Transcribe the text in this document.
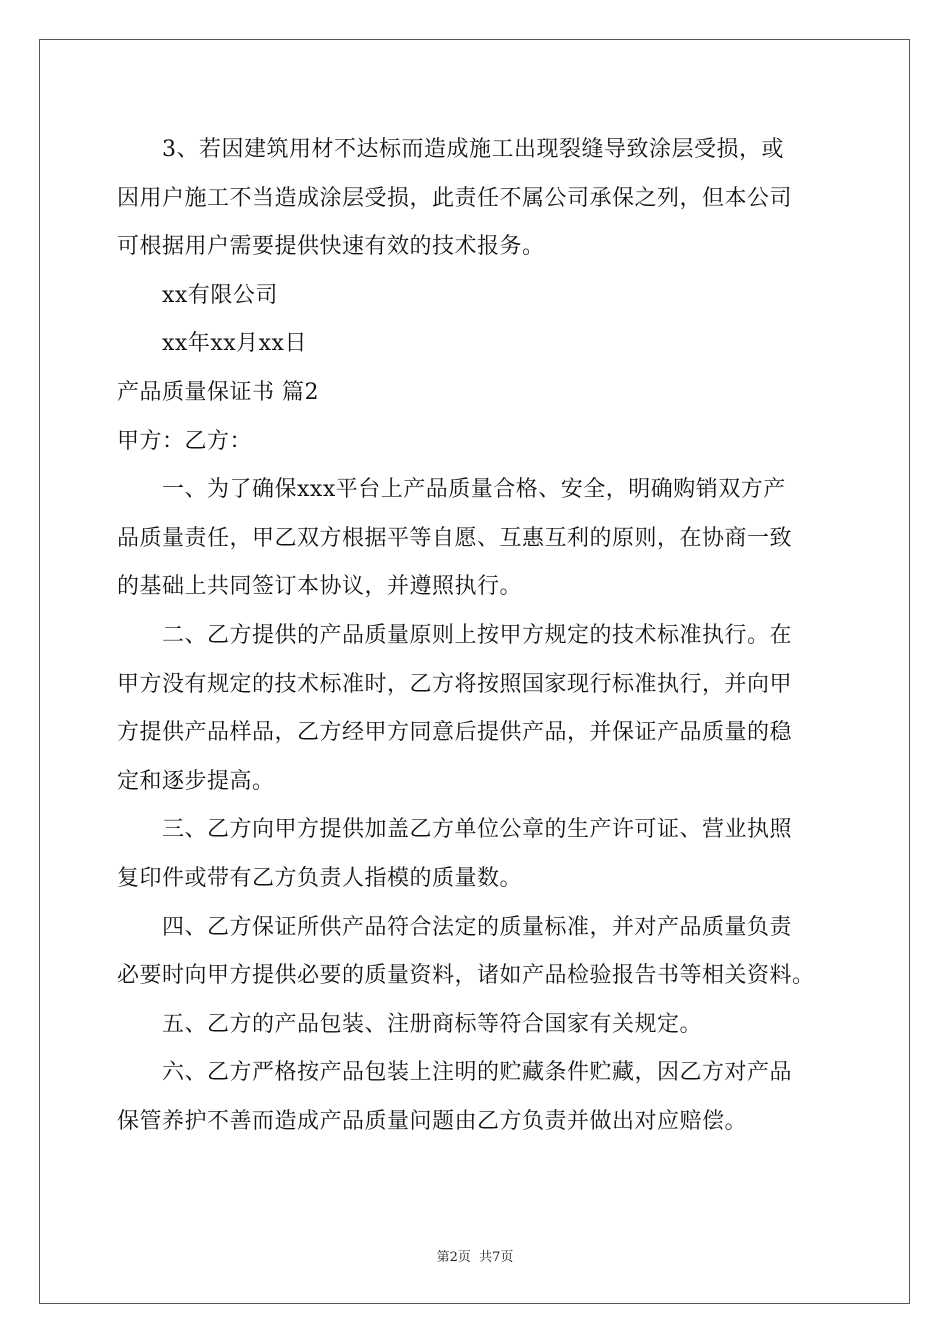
3、若因建筑用材不达标而造成施工出现裂缝导致涂层受损，或
因用户施工不当造成涂层受损，此责任不属公司承保之列，但本公司
可根据用户需要提供快速有效的技术报务。
xx有限公司
xx年xx月xx日
产品质量保证书 篇2
甲方：乙方：
一、为了确保xxx平台上产品质量合格、安全，明确购销双方产
品质量责任，甲乙双方根据平等自愿、互惠互利的原则，在协商一致
的基础上共同签订本协议，并遵照执行。
二、乙方提供的产品质量原则上按甲方规定的技术标准执行。在
甲方没有规定的技术标准时，乙方将按照国家现行标准执行，并向甲
方提供产品样品，乙方经甲方同意后提供产品，并保证产品质量的稳
定和逐步提高。
三、乙方向甲方提供加盖乙方单位公章的生产许可证、营业执照
复印件或带有乙方负责人指模的质量数。
四、乙方保证所供产品符合法定的质量标准，并对产品质量负责
必要时向甲方提供必要的质量资料，诸如产品检验报告书等相关资料。
五、乙方的产品包装、注册商标等符合国家有关规定。
六、乙方严格按产品包装上注明的贮藏条件贮藏，因乙方对产品
保管养护不善而造成产品质量问题由乙方负责并做出对应赔偿。
第2页 共7页
